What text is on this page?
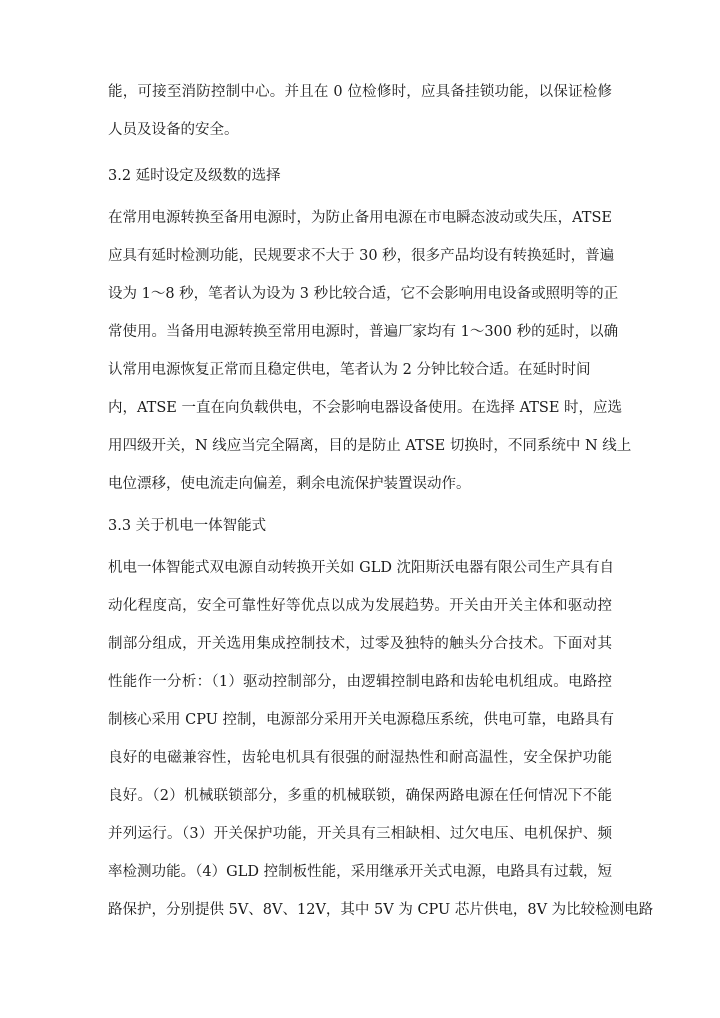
能，可接至消防控制中心。并且在 0 位检修时，应具备挂锁功能，以保证检修
人员及设备的安全。
3.2 延时设定及级数的选择
在常用电源转换至备用电源时，为防止备用电源在市电瞬态波动或失压，ATSE
应具有延时检测功能，民规要求不大于 30 秒，很多产品均设有转换延时，普遍
设为 1～8 秒，笔者认为设为 3 秒比较合适，它不会影响用电设备或照明等的正
常使用。当备用电源转换至常用电源时，普遍厂家均有 1～300 秒的延时，以确
认常用电源恢复正常而且稳定供电，笔者认为 2 分钟比较合适。在延时时间
内，ATSE 一直在向负载供电，不会影响电器设备使用。在选择 ATSE 时，应选
用四级开关，N 线应当完全隔离，目的是防止 ATSE 切换时，不同系统中 N 线上
电位漂移，使电流走向偏差，剩余电流保护装置误动作。
3.3 关于机电一体智能式
机电一体智能式双电源自动转换开关如 GLD 沈阳斯沃电器有限公司生产具有自
动化程度高，安全可靠性好等优点以成为发展趋势。开关由开关主体和驱动控
制部分组成，开关选用集成控制技术，过零及独特的触头分合技术。下面对其
性能作一分析：（1）驱动控制部分，由逻辑控制电路和齿轮电机组成。电路控
制核心采用 CPU 控制，电源部分采用开关电源稳压系统，供电可靠，电路具有
良好的电磁兼容性，齿轮电机具有很强的耐湿热性和耐高温性，安全保护功能
良好。（2）机械联锁部分，多重的机械联锁，确保两路电源在任何情况下不能
并列运行。（3）开关保护功能，开关具有三相缺相、过欠电压、电机保护、频
率检测功能。（4）GLD 控制板性能，采用继承开关式电源，电路具有过载，短
路保护，分别提供 5V、8V、12V，其中 5V 为 CPU 芯片供电，8V 为比较检测电路
